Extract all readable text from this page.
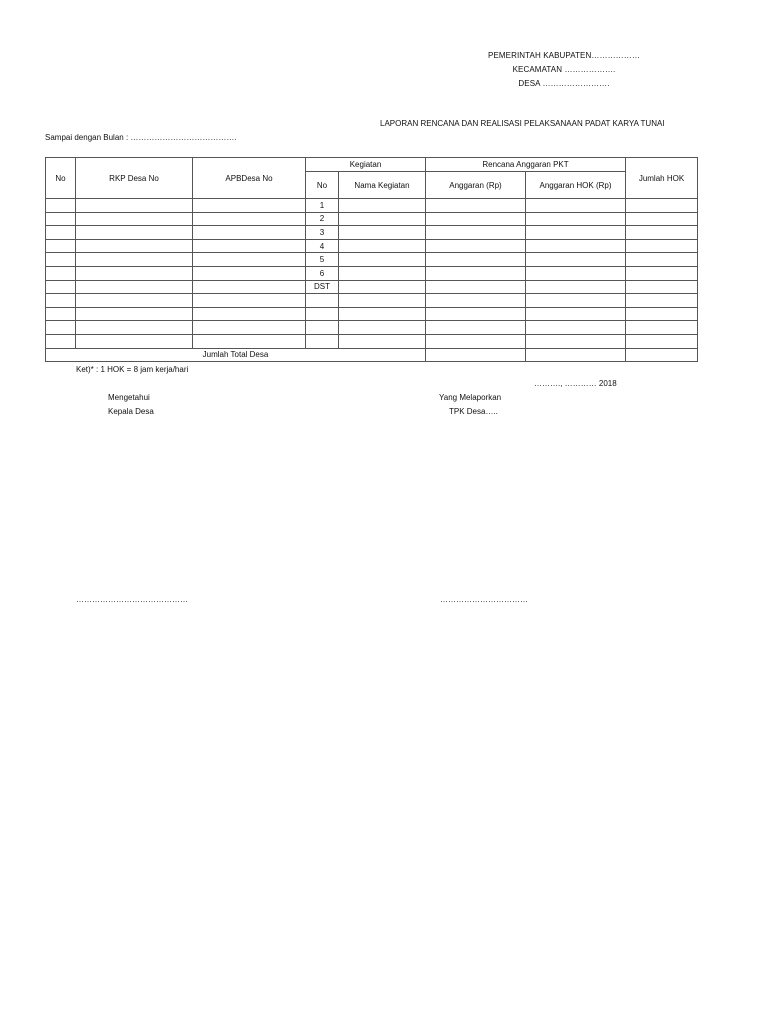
PEMERINTAH KABUPATEN………………
KECAMATAN ……………….
DESA …………………….
LAPORAN RENCANA DAN REALISASI PELAKSANAAN PADAT KARYA TUNAI
Sampai dengan Bulan : ………………………………….
No	RKP Desa No	APBDesa No	Kegiatan		Rencana Anggaran PKT		Jumlah HOK
			No	Nama Kegiatan	Anggaran (Rp)	Anggaran HOK (Rp)	
			1				
			2				
			3				
			4				
			5				
			6				
			DST				

Jumlah Total Desa							
Ket)* : 1 HOK = 8 jam kerja/hari
………., ………… 2018
Mengetahui
Kepala Desa
Yang Melaporkan
TPK Desa…..
……………………………………	……………………………
